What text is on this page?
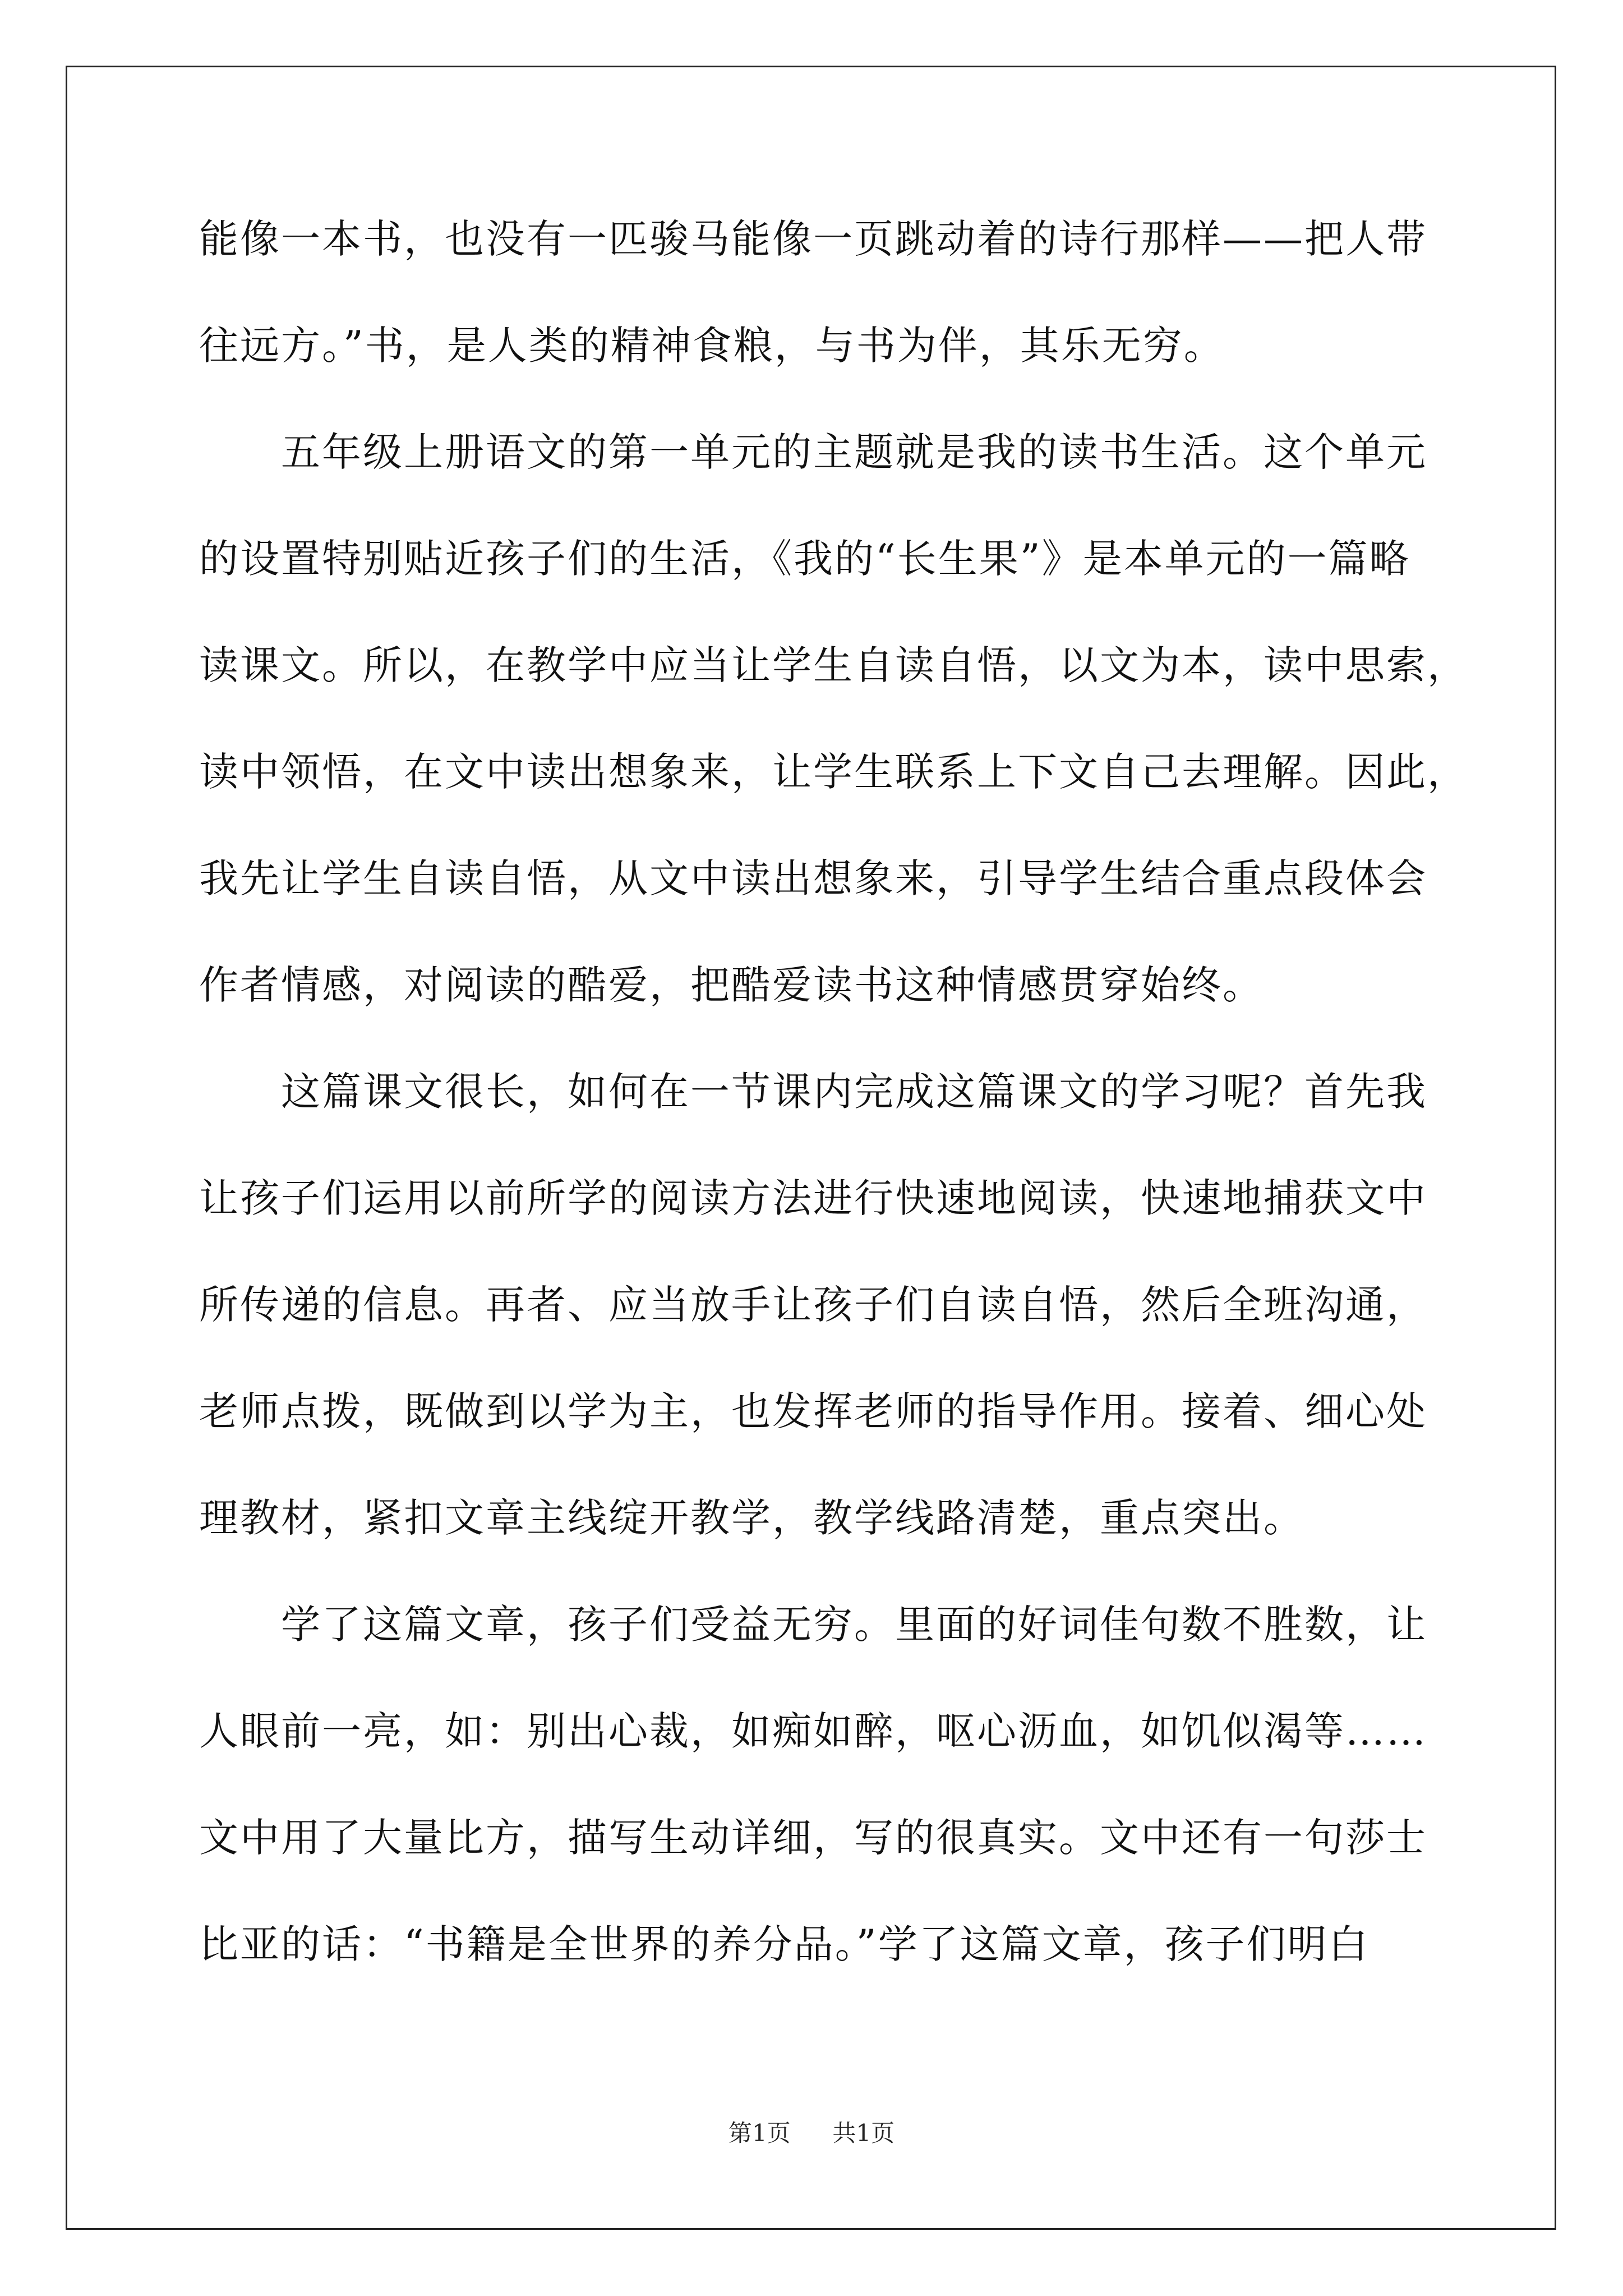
能像一本书，也没有一匹骏马能像一页跳动着的诗行那样——把人带
往远方。”书，是人类的精神食粮，与书为伴，其乐无穷。
五年级上册语文的第一单元的主题就是我的读书生活。这个单元
的设置特别贴近孩子们的生活，《我的“长生果”》是本单元的一篇略
读课文。所以，在教学中应当让学生自读自悟，以文为本，读中思索，
读中领悟，在文中读出想象来，让学生联系上下文自己去理解。因此，
我先让学生自读自悟，从文中读出想象来，引导学生结合重点段体会
作者情感，对阅读的酷爱，把酷爱读书这种情感贯穿始终。
这篇课文很长，如何在一节课内完成这篇课文的学习呢？首先我
让孩子们运用以前所学的阅读方法进行快速地阅读，快速地捕获文中
所传递的信息。再者、应当放手让孩子们自读自悟，然后全班沟通，
老师点拨，既做到以学为主，也发挥老师的指导作用。接着、细心处
理教材，紧扣文章主线绽开教学，教学线路清楚，重点突出。
学了这篇文章，孩子们受益无穷。里面的好词佳句数不胜数，让
人眼前一亮，如：别出心裁，如痴如醉，呕心沥血，如饥似渴等……
文中用了大量比方，描写生动详细，写的很真实。文中还有一句莎士
比亚的话：“书籍是全世界的养分品。”学了这篇文章，孩子们明白
第1页 共1页
